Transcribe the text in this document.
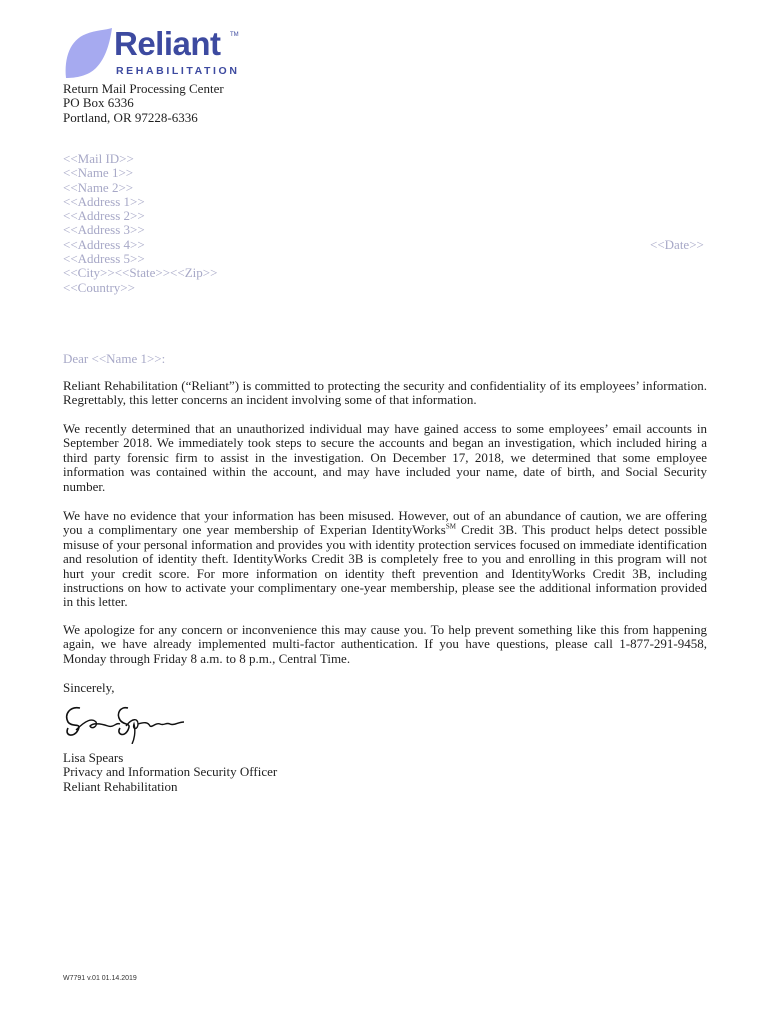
Reliant TM
REHABILITATION
Return Mail Processing Center
PO Box 6336
Portland, OR 97228-6336
<<Mail ID>>
<<Name 1>>
<<Name 2>>
<<Address 1>>
<<Address 2>>
<<Address 3>>
<<Address 4>>
<<Address 5>>
<<City>><<State>><<Zip>>
<<Country>>
<<Date>>
Dear <<Name 1>>:

Reliant Rehabilitation (“Reliant”) is committed to protecting the security and confidentiality of its employees’ information. Regrettably, this letter concerns an incident involving some of that information.

We recently determined that an unauthorized individual may have gained access to some employees’ email accounts in September 2018. We immediately took steps to secure the accounts and began an investigation, which included hiring a third party forensic firm to assist in the investigation. On December 17, 2018, we determined that some employee information was contained within the account, and may have included your name, date of birth, and Social Security number.

We have no evidence that your information has been misused. However, out of an abundance of caution, we are offering you a complimentary one year membership of Experian IdentityWorks℠ Credit 3B. This product helps detect possible misuse of your personal information and provides you with identity protection services focused on immediate identification and resolution of identity theft. IdentityWorks Credit 3B is completely free to you and enrolling in this program will not hurt your credit score. For more information on identity theft prevention and IdentityWorks Credit 3B, including instructions on how to activate your complimentary one-year membership, please see the additional information provided in this letter.

We apologize for any concern or inconvenience this may cause you. To help prevent something like this from happening again, we have already implemented multi-factor authentication. If you have questions, please call 1-877-291-9458, Monday through Friday 8 a.m. to 8 p.m., Central Time.

Sincerely,
Lisa Spears
Privacy and Information Security Officer
Reliant Rehabilitation
W7791 v.01 01.14.2019
